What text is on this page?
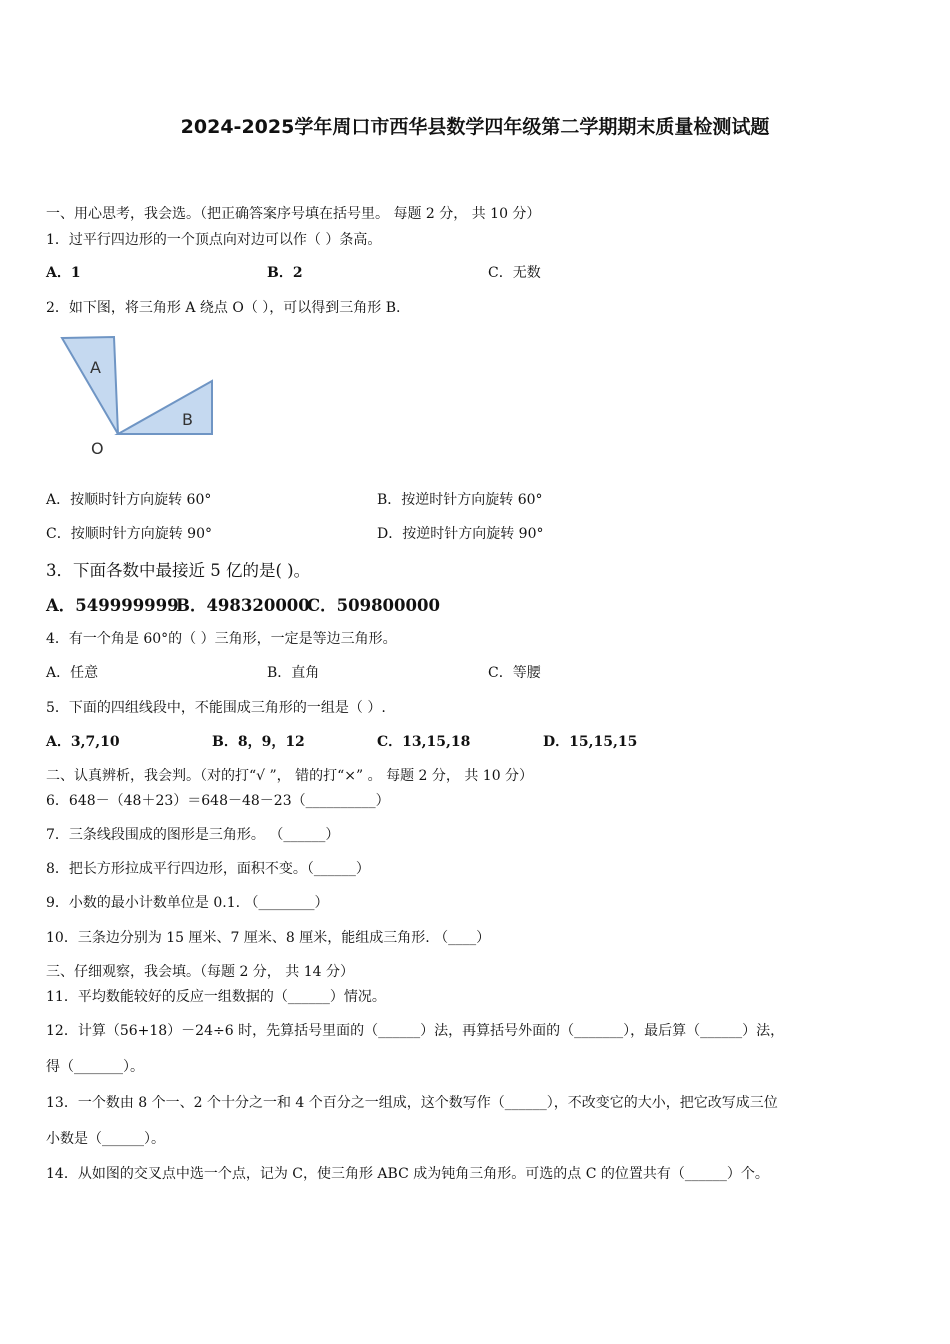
2024-2025学年周口市西华县数学四年级第二学期期末质量检测试题
一、用心思考，我会选。（把正确答案序号填在括号里。 每题 2 分， 共 10 分）
1．过平行四边形的一个顶点向对边可以作（ ）条高。
A．1	B．2	C．无数
2．如下图，将三角形 A 绕点 O（ ），可以得到三角形 B.
A
B
O
A．按顺时针方向旋转 60°	B．按逆时针方向旋转 60°
C．按顺时针方向旋转 90°	D．按逆时针方向旋转 90°
3．下面各数中最接近 5 亿的是( )。
A．549999999
B．498320000
C．509800000
4．有一个角是 60°的（ ）三角形，一定是等边三角形。
A．任意	B．直角	C．等腰
5．下面的四组线段中，不能围成三角形的一组是（ ）.
A．3,7,10	B．8，9，12	C．13,15,18	D．15,15,15
二、认真辨析，我会判。（对的打“√ ”， 错的打“×” 。 每题 2 分， 共 10 分）
6．648－（48＋23）＝648－48－23（__________）
7．三条线段围成的图形是三角形。 （______）
8．把长方形拉成平行四边形，面积不变。（______）
9．小数的最小计数单位是 0.1. （________）
10．三条边分别为 15 厘米、7 厘米、8 厘米，能组成三角形. （____）
三、仔细观察，我会填。（每题 2 分， 共 14 分）
11．平均数能较好的反应一组数据的（______）情况。
12．计算（56+18）－24÷6 时，先算括号里面的（______）法，再算括号外面的（_______），最后算（______）法，
得（_______）。
13．一个数由 8 个一、2 个十分之一和 4 个百分之一组成，这个数写作（______），不改变它的大小，把它改写成三位
小数是（______）。
14．从如图的交叉点中选一个点，记为 C，使三角形 ABC 成为钝角三角形。可选的点 C 的位置共有（______）个。
